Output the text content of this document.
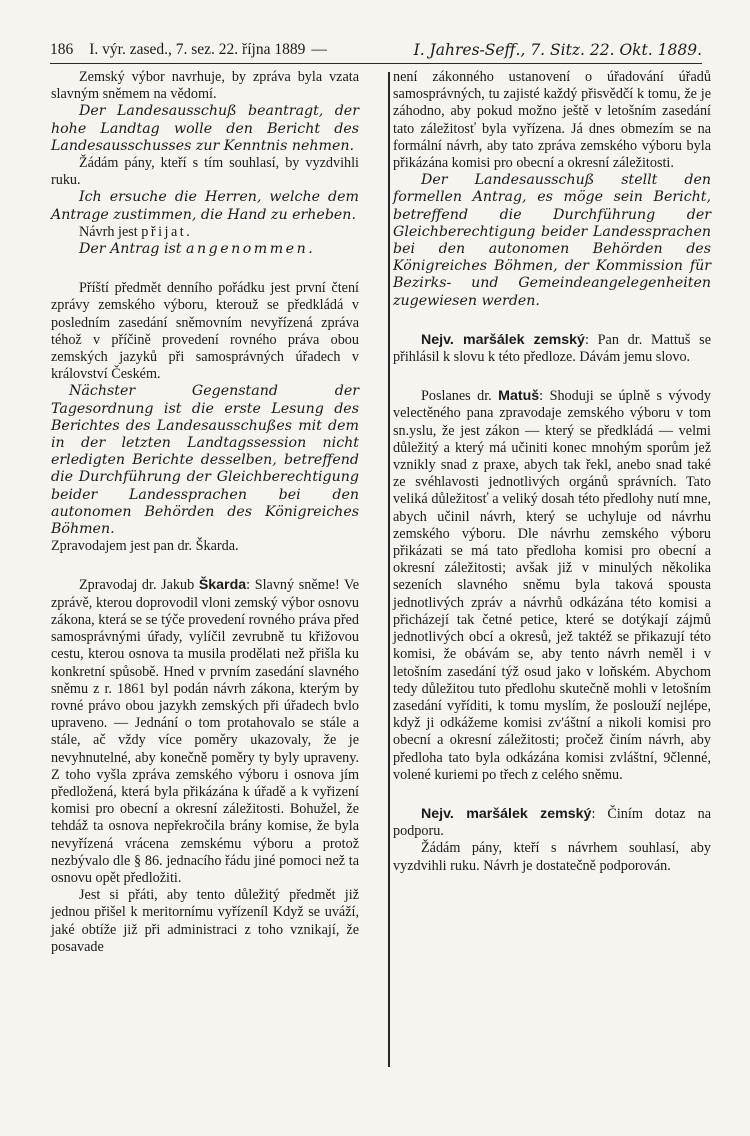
186 I. výr. zased., 7. sez. 22. října 1889 —	I. Jahres-Seff., 7. Sitz. 22. Okt. 1889.

Zemský výbor navrhuje, by zpráva byla vzata slavným sněmem na vědomí.

Der Landesausschuß beantragt, der hohe Landtag wolle den Bericht des Landesausschusses zur Kenntnis nehmen.

Žádám pány, kteří s tím souhlasí, by vyzdvihli ruku.

Ich ersuche die Herren, welche dem Antrage zustimmen, die Hand zu erheben.

Návrh jest přijat.

Der Antrag ist angenommen.

Příští předmět denního pořádku jest první čtení zprávy zemského výboru, kterouž se předkládá v posledním zasedání sněmovním nevyřízená zpráva téhož v příčině provedení rovného práva obou zemských jazyků při samosprávných úřadech v království Českém.

Nächster Gegenstand der Tagesordnung ist die erste Lesung des Berichtes des Landesausschußes mit dem in der letzten Landtagssession nicht erledigten Berichte desselben, betreffend die Durchführung der Gleichberechtigung beider Landessprachen bei den autonomen Behörden des Königreiches Böhmen.

Zpravodajem jest pan dr. Škarda.

Zpravodaj dr. Jakub Škarda: Slavný sněme! Ve zprávě, kterou doprovodil vloni zemský výbor osnovu zákona, která se se týče provedení rovného práva před samosprávnými úřady, vylíčil zevrubně tu křižovou cestu, kterou osnova ta musila prodělati než přišla ku konkretní spůsobě. Hned v prvním zasedání slavného sněmu z r. 1861 byl podán návrh zákona, kterým by rovné právo obou jazykh zemských při úřadech bvlo upraveno. — Jednání o tom protahovalo se stále a stále, ač vždy více poměry ukazovaly, že je nevyhnutelné, aby konečně poměry ty byly upraveny. Z toho vyšla zpráva zemského výboru i osnova jím předložená, která byla přikázána k úřadě a k vyřizení komisi pro obecní a okresní záležitosti. Bohužel, že tehdáž ta osnova nepřekročila brány komise, že byla nevyřízená vrácena zemskému výboru a protož nezbývalo dle § 86. jednacího řádu jiné pomoci než ta osnovu opět předložiti.

Jest si přáti, aby tento důležitý předmět již jednou přišel k meritornímu vyřízeníl Když se uváží, jaké obtíže již při administraci z toho vznikají, že posavade

není zákonného ustanovení o úřadování úřadů samosprávných, tu zajisté každý přisvědčí k tomu, že je záhodno, aby pokud možno ještě v letošním zasedání tato záležitosť byla vyřízena. Já dnes obmezím se na formální návrh, aby tato zpráva zemského výboru byla přikázána komisi pro obecní a okresní záležitosti.

Der Landesausschuß stellt den formellen Antrag, es möge sein Bericht, betreffend die Durchführung der Gleichberechtigung beider Landessprachen bei den autonomen Behörden des Königreiches Böhmen, der Kommission für Bezirks- und Gemeindeangelegenheiten zugewiesen werden.

Nejv. maršálek zemský: Pan dr. Mattuš se přihlásil k slovu k této předloze. Dávám jemu slovo.

Poslanes dr. Matuš: Shoduji se úplně s vývody velectěného pana zpravodaje zemského výboru v tom sn.yslu, že jest zákon — který se předkládá — velmi důležitý a který má učiniti konec mnohým sporům jež vznikly snad z praxe, abych tak řekl, anebo snad také ze svéhlavosti jednotlivých orgánů správních. Tato veliká důležitosť a veliký dosah této předlohy nutí mne, abych učinil návrh, který se uchyluje od návrhu zemského výboru. Dle návrhu zemského výboru přikázati se má tato předloha komisi pro obecní a okresní záležitosti; avšak již v minulých několika sezeních slavného sněmu byla taková spousta jednotlivých zpráv a návrhů odkázána této komisi a přicházejí tak četné petice, které se dotýkají zájmů jednotlivých obcí a okresů, jež taktéž se přikazují této komisi, že obávám se, aby tento návrh neměl i v letošním zasedání týž osud jako v loňském. Abychom tedy důležitou tuto předlohu skutečně mohli v letošním zasedání vyříditi, k tomu myslím, že poslouží nejlépe, když ji odkážeme komisi zv'áštní a nikoli komisi pro obecní a okresní záležitosti; pročež činím návrh, aby předloha tato byla odkázána komisi zvláštní, 9členné, volené kuriemi po třech z celého sněmu.

Nejv. maršálek zemský: Činím dotaz na podporu.

Žádám pány, kteří s návrhem souhlasí, aby vyzdvihli ruku. Návrh je dostatečně podporován.
